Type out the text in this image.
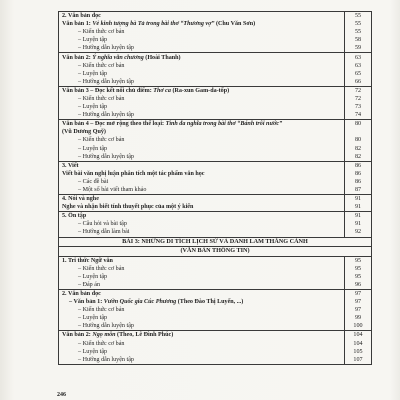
2. Văn bản đọc	55
Văn bản 1: Vẻ kinh tượng bà Tả trong bài thơ “Thương vợ” (Chu Văn Sơn)	55
– Kiến thức cơ bản	55
– Luyện tập	58
– Hướng dẫn luyện tập	59
Văn bản 2: Ý nghĩa văn chương (Hoài Thanh)	63
– Kiến thức cơ bản	63
– Luyện tập	65
– Hướng dẫn luyện tập	66
Văn bản 3 – Đọc kết nối chủ điểm: Thơ ca (Ra-xun Gam-da-tốp)	72
– Kiến thức cơ bản	72
– Luyện tập	73
– Hướng dẫn luyện tập	74
Văn bản 4 – Đọc mở rộng theo thể loại: Tình đa nghĩa trong bài thơ “Bánh trôi nước”	80
(Vũ Dương Quỹ)	
– Kiến thức cơ bản	80
– Luyện tập	82
– Hướng dẫn luyện tập	82
3. Viết	86
Viết bài văn nghị luận phân tích một tác phẩm văn học	86
– Các đề bài	86
– Một số bài viết tham khảo	87
4. Nói và nghe	91
Nghe và nhận biết tính thuyết phục của một ý kiến	91
5. Ôn tập	91
– Câu hỏi và bài tập	91
– Hướng dẫn làm bài	92
BÀI 3: NHỮNG DI TÍCH LỊCH SỬ VÀ DANH LAM THẮNG CẢNH	
(VĂN BẢN THÔNG TIN)	
1. Tri thức Ngữ văn	95
– Kiến thức cơ bản	95
– Luyện tập	95
– Đáp án	96
2. Văn bản đọc	97
– Văn bản 1: Vườn Quốc gia Cúc Phương (Theo Đào Thị Luyến, ...)	97
– Kiến thức cơ bản	97
– Luyện tập	99
– Hướng dẫn luyện tập	100
Văn bản 2: Ngọ môn (Theo, Lê Đình Phúc)	104
– Kiến thức cơ bản	104
– Luyện tập	105
– Hướng dẫn luyện tập	107
246
